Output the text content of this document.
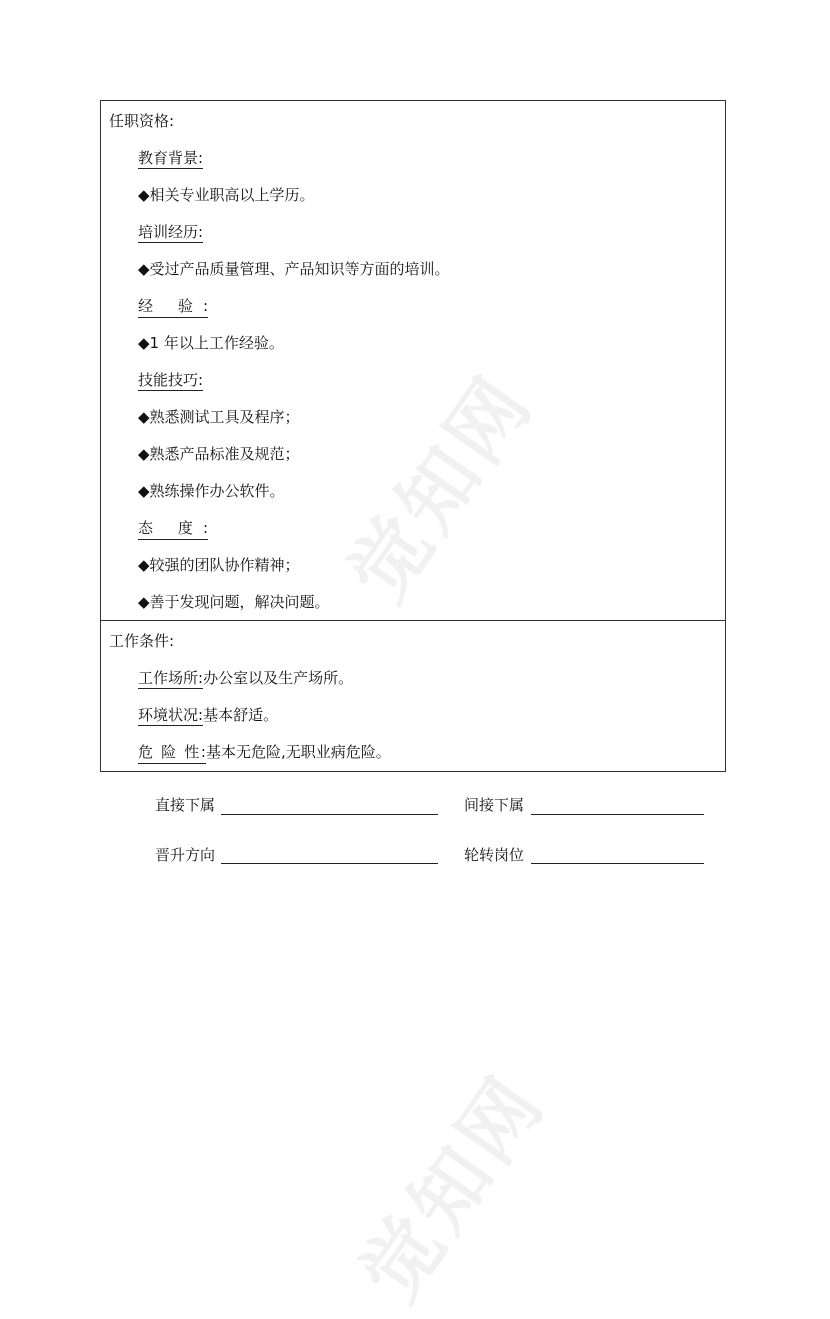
觉知网
觉知网
任职资格:
教育背景:
◆相关专业职高以上学历。
培训经历:
◆受过产品质量管理、产品知识等方面的培训。
经 验:
◆1 年以上工作经验。
技能技巧:
◆熟悉测试工具及程序；
◆熟悉产品标准及规范；
◆熟练操作办公软件。
态 度:
◆较强的团队协作精神；
◆善于发现问题，解决问题。
工作条件:
工作场所:办公室以及生产场所。
环境状况:基本舒适。
危 险 性:基本无危险,无职业病危险。
直接下属	间接下属
晋升方向	轮转岗位
